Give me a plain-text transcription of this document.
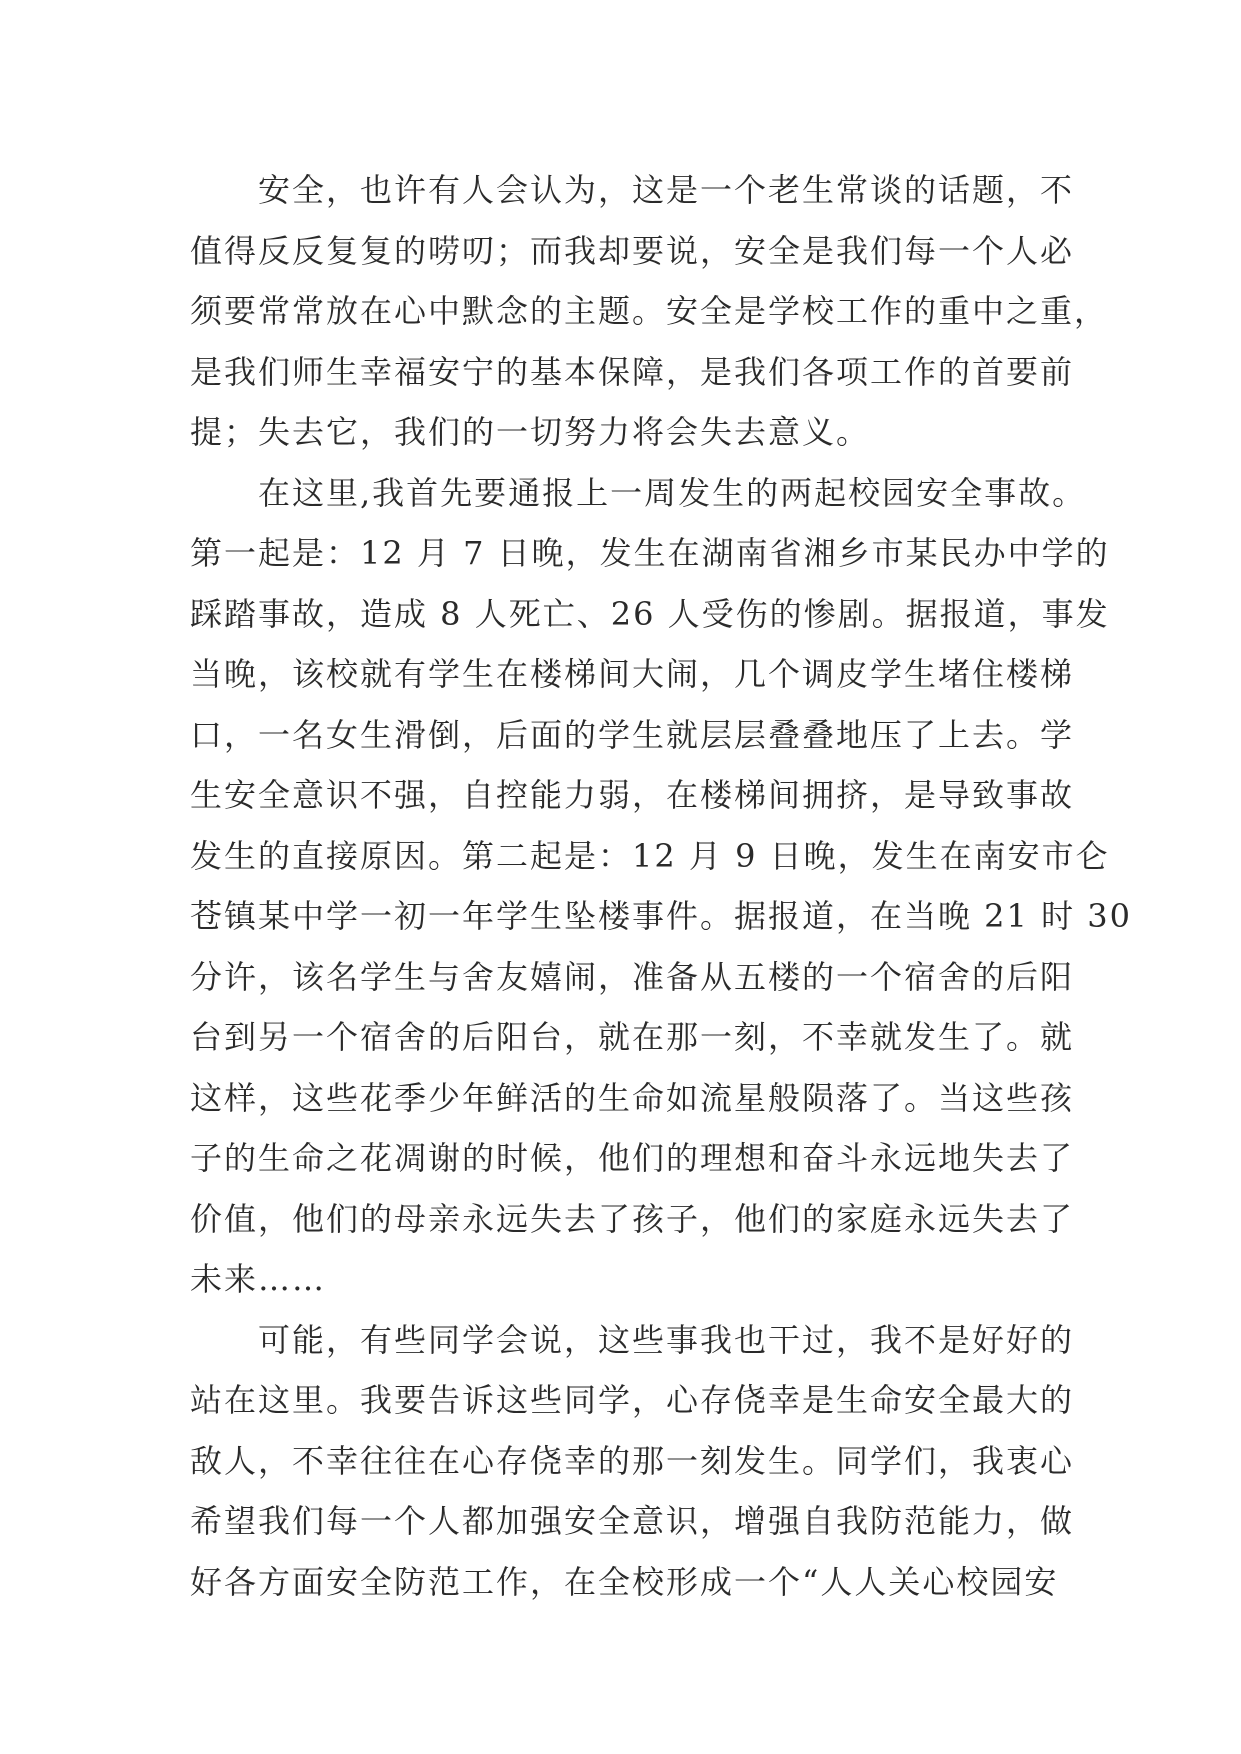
安全，也许有人会认为，这是一个老生常谈的话题，不
值得反反复复的唠叨；而我却要说，安全是我们每一个人必
须要常常放在心中默念的主题。安全是学校工作的重中之重，
是我们师生幸福安宁的基本保障，是我们各项工作的首要前
提；失去它，我们的一切努力将会失去意义。
在这里,我首先要通报上一周发生的两起校园安全事故。
第一起是：12 月 7 日晚，发生在湖南省湘乡市某民办中学的
踩踏事故，造成 8 人死亡、26 人受伤的惨剧。据报道，事发
当晚，该校就有学生在楼梯间大闹，几个调皮学生堵住楼梯
口，一名女生滑倒，后面的学生就层层叠叠地压了上去。学
生安全意识不强，自控能力弱，在楼梯间拥挤，是导致事故
发生的直接原因。第二起是：12 月 9 日晚，发生在南安市仑
苍镇某中学一初一年学生坠楼事件。据报道，在当晚 21 时 30
分许，该名学生与舍友嬉闹，准备从五楼的一个宿舍的后阳
台到另一个宿舍的后阳台，就在那一刻，不幸就发生了。就
这样，这些花季少年鲜活的生命如流星般陨落了。当这些孩
子的生命之花凋谢的时候，他们的理想和奋斗永远地失去了
价值，他们的母亲永远失去了孩子，他们的家庭永远失去了
未来……
可能，有些同学会说，这些事我也干过，我不是好好的
站在这里。我要告诉这些同学，心存侥幸是生命安全最大的
敌人，不幸往往在心存侥幸的那一刻发生。同学们，我衷心
希望我们每一个人都加强安全意识，增强自我防范能力，做
好各方面安全防范工作，在全校形成一个“人人关心校园安
